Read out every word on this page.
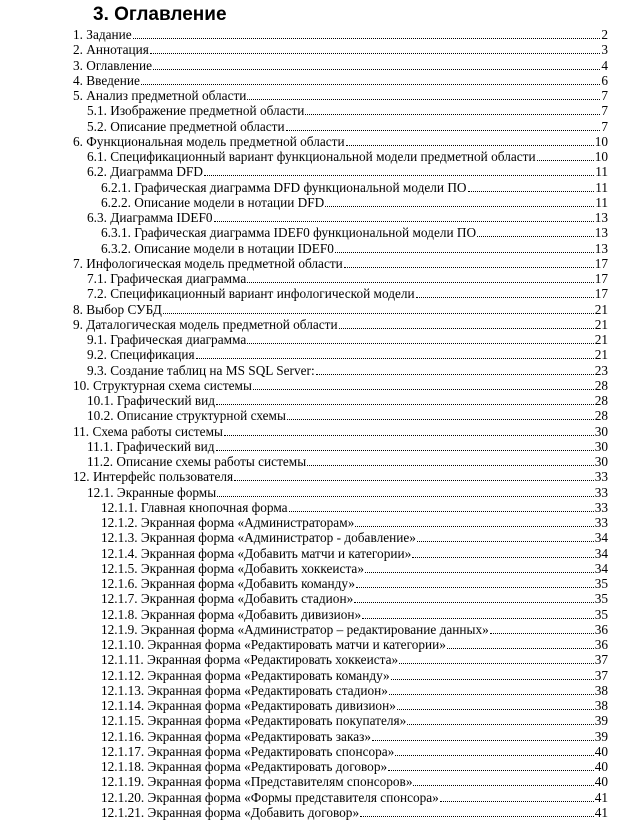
3. Оглавление
1. Задание	2
2. Аннотация	3
3. Оглавление	4
4. Введение	6
5. Анализ предметной области	7
5.1. Изображение предметной области	7
5.2. Описание предметной области	7
6. Функциональная модель предметной области	10
6.1. Спецификационный вариант функциональной модели предметной области	10
6.2. Диаграмма DFD	11
6.2.1. Графическая диаграмма DFD функциональной модели ПО	11
6.2.2. Описание модели в нотации DFD	11
6.3. Диаграмма IDEF0	13
6.3.1. Графическая диаграмма IDEF0 функциональной модели ПО	13
6.3.2. Описание модели в нотации IDEF0	13
7. Инфологическая модель предметной области	17
7.1. Графическая диаграмма	17
7.2. Спецификационный вариант инфологической модели	17
8. Выбор СУБД	21
9. Даталогическая модель предметной области	21
9.1. Графическая диаграмма	21
9.2. Спецификация	21
9.3. Создание таблиц на MS SQL Server:	23
10. Структурная схема системы	28
10.1. Графический вид	28
10.2. Описание структурной схемы	28
11. Схема работы системы	30
11.1. Графический вид	30
11.2. Описание схемы работы системы	30
12. Интерфейс пользователя	33
12.1. Экранные формы	33
12.1.1. Главная кнопочная форма	33
12.1.2. Экранная форма «Администраторам»	33
12.1.3. Экранная форма «Администратор - добавление»	34
12.1.4. Экранная форма «Добавить матчи и категории»	34
12.1.5. Экранная форма «Добавить хоккеиста»	34
12.1.6. Экранная форма «Добавить команду»	35
12.1.7. Экранная форма «Добавить стадион»	35
12.1.8. Экранная форма «Добавить дивизион»	35
12.1.9. Экранная форма «Администратор – редактирование данных»	36
12.1.10. Экранная форма «Редактировать матчи и категории»	36
12.1.11. Экранная форма «Редактировать хоккеиста»	37
12.1.12. Экранная форма «Редактировать команду»	37
12.1.13. Экранная форма «Редактировать стадион»	38
12.1.14. Экранная форма «Редактировать дивизион»	38
12.1.15. Экранная форма «Редактировать покупателя»	39
12.1.16. Экранная форма «Редактировать заказ»	39
12.1.17. Экранная форма «Редактировать спонсора»	40
12.1.18. Экранная форма «Редактировать договор»	40
12.1.19. Экранная форма «Представителям спонсоров»	40
12.1.20. Экранная форма «Формы представителя спонсора»	41
12.1.21. Экранная форма «Добавить договор»	41
